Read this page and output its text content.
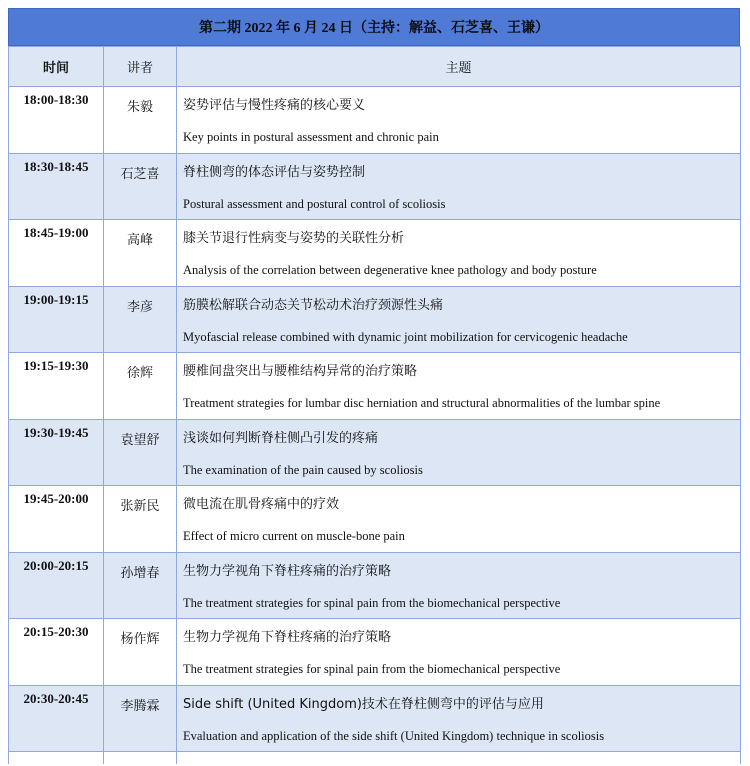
第二期 2022 年 6 月 24 日（主持：解益、石芝喜、王谦）
时间	讲者	主题
18:00-18:30	朱毅	姿势评估与慢性疼痛的核心要义
Key points in postural assessment and chronic pain

18:30-18:45	石芝喜	脊柱侧弯的体态评估与姿势控制
Postural assessment and postural control of scoliosis

18:45-19:00	高峰	膝关节退行性病变与姿势的关联性分析
Analysis of the correlation between degenerative knee pathology and body posture

19:00-19:15	李彦	筋膜松解联合动态关节松动术治疗颈源性头痛
Myofascial release combined with dynamic joint mobilization for cervicogenic headache

19:15-19:30	徐辉	腰椎间盘突出与腰椎结构异常的治疗策略
Treatment strategies for lumbar disc herniation and structural abnormalities of the lumbar spine

19:30-19:45	袁望舒	浅谈如何判断脊柱侧凸引发的疼痛
The examination of the pain caused by scoliosis

19:45-20:00	张新民	微电流在肌骨疼痛中的疗效
Effect of micro current on muscle-bone pain

20:00-20:15	孙增春	生物力学视角下脊柱疼痛的治疗策略
The treatment strategies for spinal pain from the biomechanical perspective

20:15-20:30	杨作辉	生物力学视角下脊柱疼痛的治疗策略
The treatment strategies for spinal pain from the biomechanical perspective

20:30-20:45	李腾霖	Side shift (United Kingdom)技术在脊柱侧弯中的评估与应用
Evaluation and application of the side shift (United Kingdom) technique in scoliosis
